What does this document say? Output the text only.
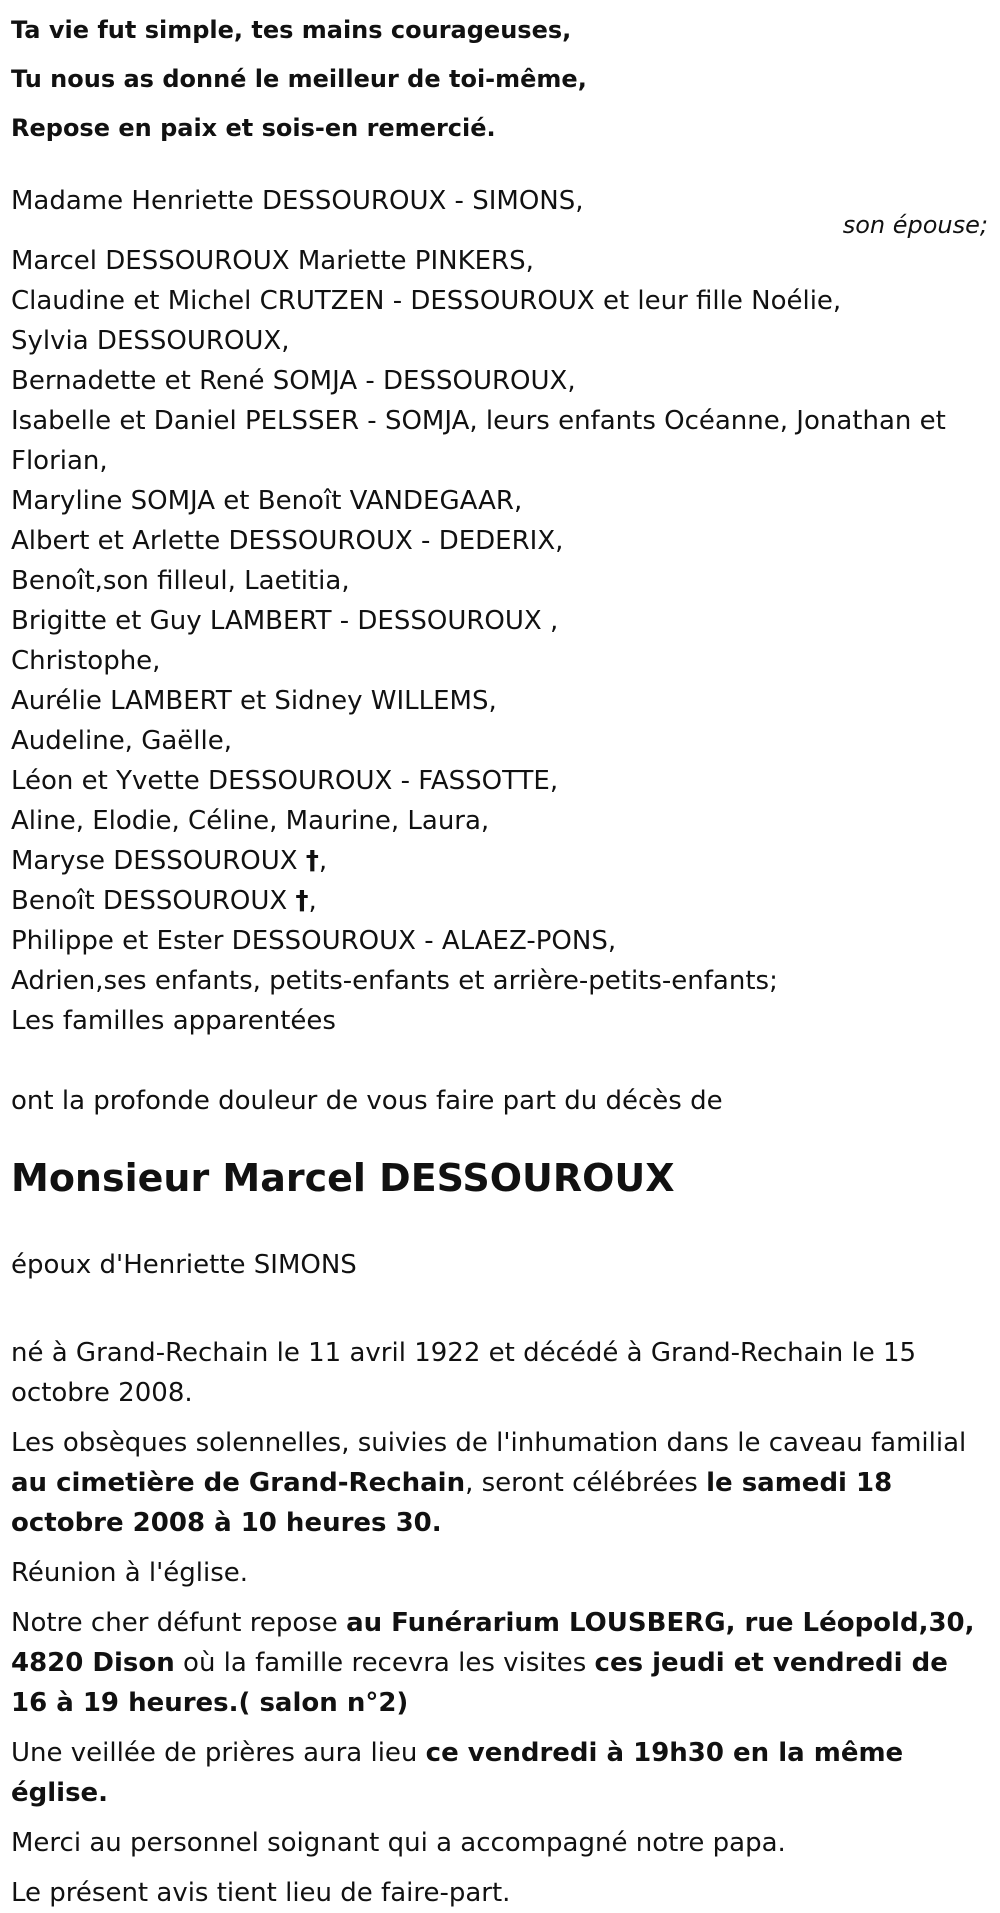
Ta vie fut simple, tes mains courageuses,

Tu nous as donné le meilleur de toi-même,

Repose en paix et sois-en remercié.

Madame Henriette DESSOUROUX - SIMONS,

son épouse;

Marcel DESSOUROUX Mariette PINKERS,

Claudine et Michel CRUTZEN - DESSOUROUX et leur fille Noélie,

Sylvia DESSOUROUX,

Bernadette et René SOMJA - DESSOUROUX,

Isabelle et Daniel PELSSER - SOMJA, leurs enfants Océanne, Jonathan et Florian,

Maryline SOMJA et Benoît VANDEGAAR,

Albert et Arlette DESSOUROUX - DEDERIX,

Benoît,son filleul, Laetitia,

Brigitte et Guy LAMBERT - DESSOUROUX ,

Christophe,

Aurélie LAMBERT et Sidney WILLEMS,

Audeline, Gaëlle,

Léon et Yvette DESSOUROUX - FASSOTTE,

Aline, Elodie, Céline, Maurine, Laura,

Maryse DESSOUROUX †,

Benoît DESSOUROUX †,

Philippe et Ester DESSOUROUX - ALAEZ-PONS,

Adrien,ses enfants, petits-enfants et arrière-petits-enfants;

Les familles apparentées

ont la profonde douleur de vous faire part du décès de

Monsieur Marcel DESSOUROUX

époux d'Henriette SIMONS

né à Grand-Rechain le 11 avril 1922 et décédé à Grand-Rechain le 15 octobre 2008.

Les obsèques solennelles, suivies de l'inhumation dans le caveau familial au cimetière de Grand-Rechain, seront célébrées le samedi 18 octobre 2008 à 10 heures 30.

Réunion à l'église.

Notre cher défunt repose au Funérarium LOUSBERG, rue Léopold,30, 4820 Dison où la famille recevra les visites ces jeudi et vendredi de 16 à 19 heures.( salon n°2)

Une veillée de prières aura lieu ce vendredi à 19h30 en la même église.

Merci au personnel soignant qui a accompagné notre papa.

Le présent avis tient lieu de faire-part.
